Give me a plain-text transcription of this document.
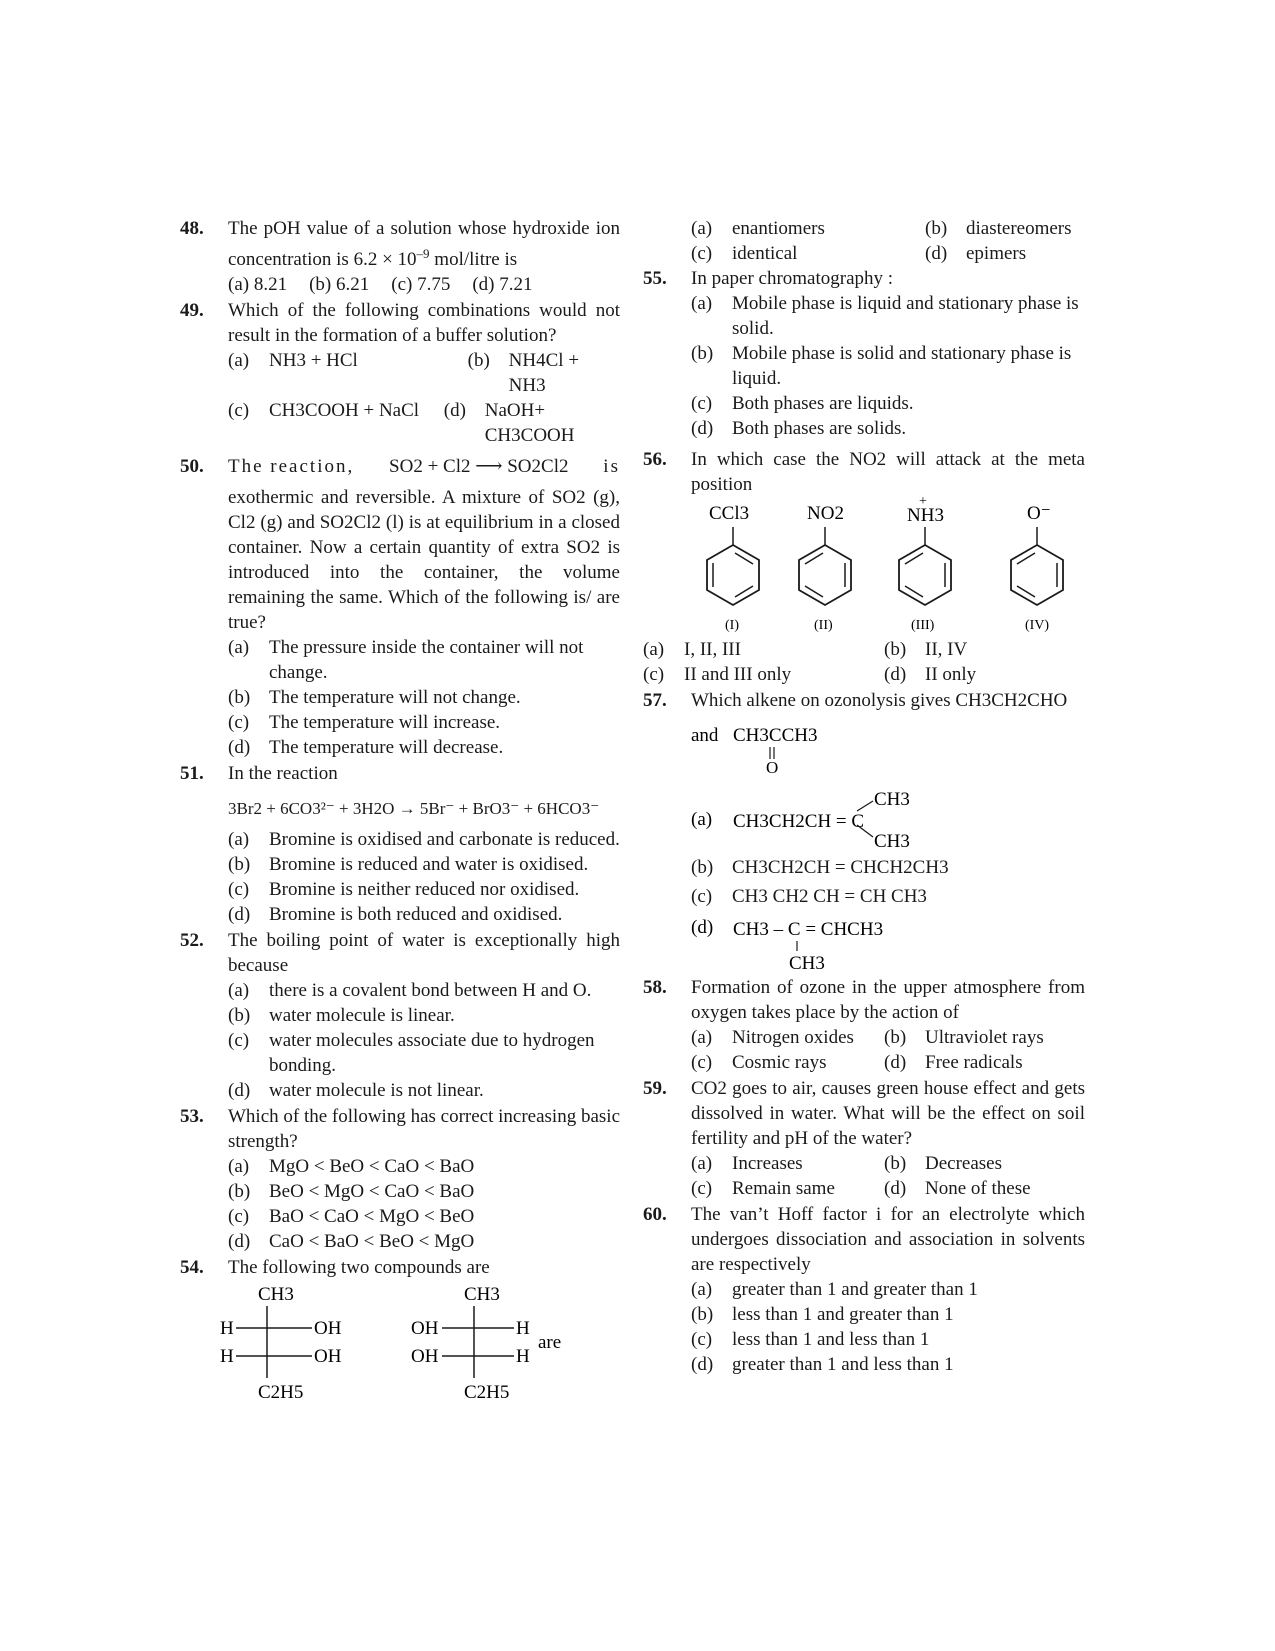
48. The pOH value of a solution whose hydroxide ion concentration is $6.2 \times 10^{-9}$ mol/litre is
(a) 8.21 (b) 6.21 (c) 7.75 (d) 7.21
49. Which of the following combinations would not result in the formation of a buffer solution?
(a) NH3 + HCl	(b) NH4Cl + NH3
(c) CH3COOH + NaCl	(d) NaOH+ CH3COOH
50. The reaction, SO2 + Cl2 ⟶ SO2Cl2 is
exothermic and reversible. A mixture of SO2 (g), Cl2 (g) and SO2Cl2 (l) is at equilibrium in a closed container. Now a certain quantity of extra SO2 is introduced into the container, the volume remaining the same. Which of the following is/ are true?
(a) The pressure inside the container will not change.
(b) The temperature will not change.
(c) The temperature will increase.
(d) The temperature will decrease.
51. In the reaction
3Br2 + 6CO3²⁻ + 3H2O → 5Br⁻ + BrO3⁻ + 6HCO3⁻
(a) Bromine is oxidised and carbonate is reduced.
(b) Bromine is reduced and water is oxidised.
(c) Bromine is neither reduced nor oxidised.
(d) Bromine is both reduced and oxidised.
52. The boiling point of water is exceptionally high because
(a) there is a covalent bond between H and O.
(b) water molecule is linear.
(c) water molecules associate due to hydrogen bonding.
(d) water molecule is not linear.
53. Which of the following has correct increasing basic strength?
(a) MgO < BeO < CaO < BaO
(b) BeO < MgO < CaO < BaO
(c) BaO < CaO < MgO < BeO
(d) CaO < BaO < BeO < MgO
54. The following two compounds are
CH3
H	OH
H	OH
C2H5
CH3
OH	H
OH	H
C2H5
are
(a) enantiomers	(b) diastereomers
(c) identical	(d) epimers
55. In paper chromatography :
(a) Mobile phase is liquid and stationary phase is solid.
(b) Mobile phase is solid and stationary phase is liquid.
(c) Both phases are liquids.
(d) Both phases are solids.
56. In which case the NO2 will attack at the meta position
CCl3
(I)
NO2
(II)
+
NH3
(III)
O⁻
(IV)
(a) I, II, III	(b) II, IV
(c) II and III only	(d) II only
57. Which alkene on ozonolysis gives CH3CH2CHO
and CH3CCH3
O
(a) CH3CH2CH = C
CH3
CH3
(b) CH3CH2CH = CHCH2CH3
(c) CH3 CH2 CH = CH CH3
(d) CH3 – C = CHCH3
CH3
58. Formation of ozone in the upper atmosphere from oxygen takes place by the action of
(a) Nitrogen oxides	(b) Ultraviolet rays
(c) Cosmic rays	(d) Free radicals
59. CO2 goes to air, causes green house effect and gets dissolved in water. What will be the effect on soil fertility and pH of the water?
(a) Increases	(b) Decreases
(c) Remain same	(d) None of these
60. The van’t Hoff factor i for an electrolyte which undergoes dissociation and association in solvents are respectively
(a) greater than 1 and greater than 1
(b) less than 1 and greater than 1
(c) less than 1 and less than 1
(d) greater than 1 and less than 1
